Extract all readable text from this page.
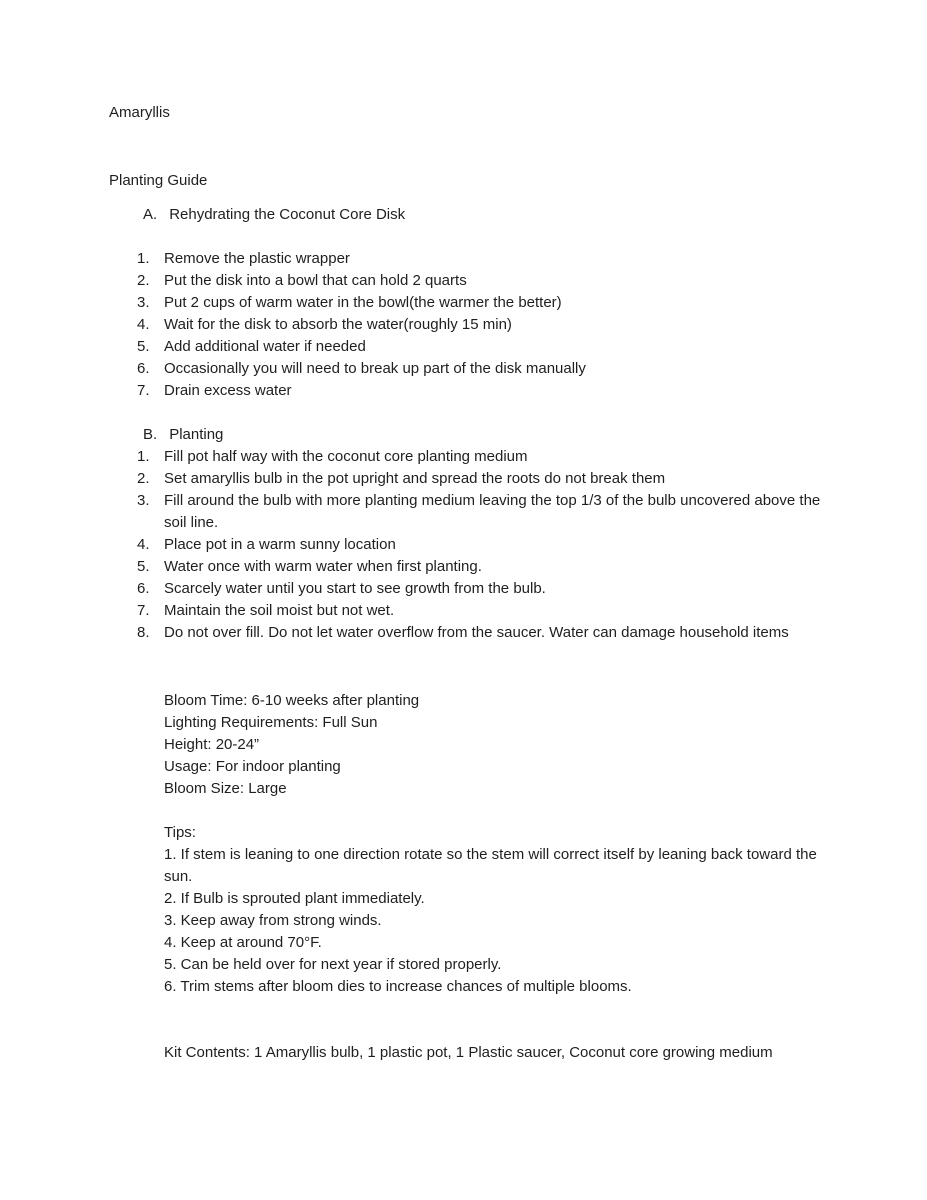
Amaryllis

Planting Guide

A. Rehydrating the Coconut Core Disk
Remove the plastic wrapper
Put the disk into a bowl that can hold 2 quarts
Put 2 cups of warm water in the bowl(the warmer the better)
Wait for the disk to absorb the water(roughly 15 min)
Add additional water if needed
Occasionally you will need to break up part of the disk manually
Drain excess water
B. Planting
Fill pot half way with the coconut core planting medium
Set amaryllis bulb in the pot upright and spread the roots do not break them
Fill around the bulb with more planting medium leaving the top 1/3 of the bulb uncovered above the soil line.
Place pot in a warm sunny location
Water once with warm water when first planting.
Scarcely water until you start to see growth from the bulb.
Maintain the soil moist but not wet.
Do not over fill. Do not let water overflow from the saucer. Water can damage household items

Bloom Time: 6-10 weeks after planting

Lighting Requirements: Full Sun

Height: 20-24”

Usage: For indoor planting

Bloom Size: Large

Tips:

1. If stem is leaning to one direction rotate so the stem will correct itself by leaning back toward the sun.

2. If Bulb is sprouted plant immediately.

3. Keep away from strong winds.

4. Keep at around 70°F.

5. Can be held over for next year if stored properly.

6. Trim stems after bloom dies to increase chances of multiple blooms.

Kit Contents: 1 Amaryllis bulb, 1 plastic pot, 1 Plastic saucer, Coconut core growing medium
